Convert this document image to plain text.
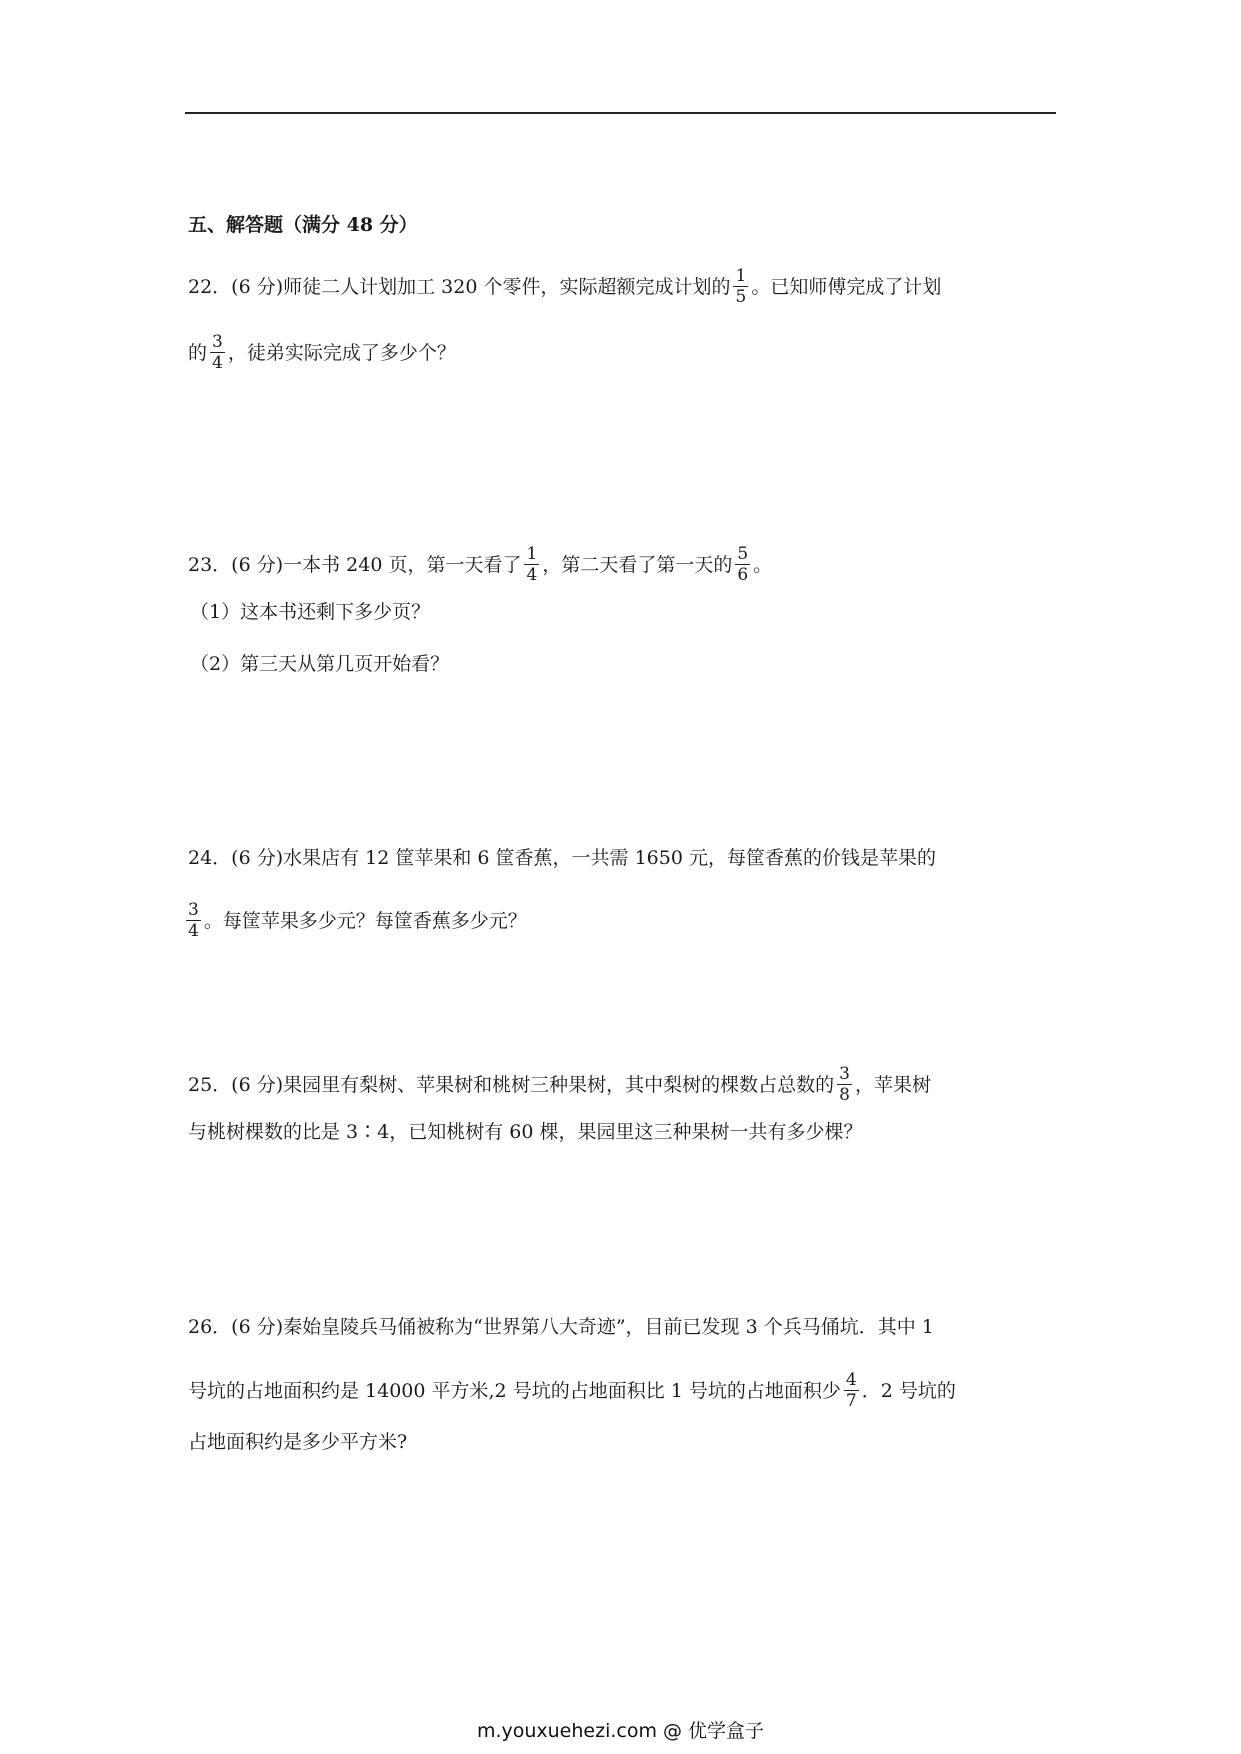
五、解答题（满分 48 分）
22．(6 分)师徒二人计划加工 320 个零件，实际超额完成计划的 $\frac{1}{5}$ 。已知师傅完成了计划
的 $\frac{3}{4}$ ，徒弟实际完成了多少个？
23．(6 分)一本书 240 页，第一天看了 $\frac{1}{4}$ ，第二天看了第一天的 $\frac{5}{6}$ 。
（1）这本书还剩下多少页？
（2）第三天从第几页开始看？
24．(6 分)水果店有 12 筐苹果和 6 筐香蕉，一共需 1650 元，每筐香蕉的价钱是苹果的
$\frac{3}{4}$ 。每筐苹果多少元？每筐香蕉多少元？
25．(6 分)果园里有梨树、苹果树和桃树三种果树，其中梨树的棵数占总数的 $\frac{3}{8}$ ，苹果树
与桃树棵数的比是 3∶4，已知桃树有 60 棵，果园里这三种果树一共有多少棵？
26．(6 分)秦始皇陵兵马俑被称为“世界第八大奇迹”，目前已发现 3 个兵马俑坑．其中 1
号坑的占地面积约是 14000 平方米,2 号坑的占地面积比 1 号坑的占地面积少 $\frac{4}{7}$ ．2 号坑的
占地面积约是多少平方米?
m.youxuehezi.com @ 优学盒子
